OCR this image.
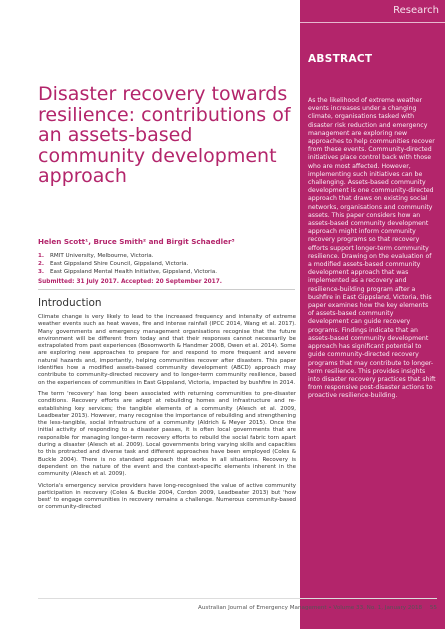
Research
ABSTRACT
As the likelihood of extreme weather events increases under a changing climate, organisations tasked with disaster risk reduction and emergency management are exploring new approaches to help communities recover from these events. Community-directed initiatives place control back with those who are most affected. However, implementing such initiatives can be challenging. Assets-based community development is one community-directed approach that draws on existing social networks, organisations and community assets. This paper considers how an assets-based community development approach might inform community recovery programs so that recovery efforts support longer-term community resilience. Drawing on the evaluation of a modified assets-based community development approach that was implemented as a recovery and resilience-building program after a bushfire in East Gippsland, Victoria, this paper examines how the key elements of assets-based community development can guide recovery programs. Findings indicate that an assets-based community development approach has significant potential to guide community-directed recovery programs that may contribute to longer-term resilience. This provides insights into disaster recovery practices that shift from responsive post-disaster actions to proactive resilience-building.
Disaster recovery towards resilience: contributions of an assets-based community development approach
Helen Scott¹, Bruce Smith² and Birgit Schaedler³
1.	RMIT University, Melbourne, Victoria.
2.	East Gippsland Shire Council, Gippsland, Victoria.
3.	East Gippsland Mental Health Initiative, Gippsland, Victoria.
Submitted: 31 July 2017. Accepted: 20 September 2017.
Introduction

Climate change is very likely to lead to the increased frequency and intensity of extreme weather events such as heat waves, fire and intense rainfall (IPCC 2014, Wang et al. 2017). Many governments and emergency management organisations recognise that the future environment will be different from today and that their responses cannot necessarily be extrapolated from past experiences (Bosomworth & Handmer 2008, Owen et al. 2014). Some are exploring new approaches to prepare for and respond to more frequent and severe natural hazards and, importantly, helping communities recover after disasters. This paper identifies how a modified assets-based community development (ABCD) approach may contribute to community-directed recovery and to longer-term community resilience, based on the experiences of communities in East Gippsland, Victoria, impacted by bushfire in 2014.

The term 'recovery' has long been associated with returning communities to pre-disaster conditions. Recovery efforts are adept at rebuilding homes and infrastructure and re-establishing key services; the tangible elements of a community (Alesch et al. 2009, Leadbeater 2013). However, many recognise the importance of rebuilding and strengthening the less-tangible, social infrastructure of a community (Aldrich & Meyer 2015). Once the initial activity of responding to a disaster passes, it is often local governments that are responsible for managing longer-term recovery efforts to rebuild the social fabric torn apart during a disaster (Alesch et al. 2009). Local governments bring varying skills and capacities to this protracted and diverse task and different approaches have been employed (Coles & Buckle 2004). There is no standard approach that works in all situations. Recovery is dependent on the nature of the event and the context-specific elements inherent in the community (Alesch et al. 2009).

Victoria's emergency service providers have long-recognised the value of active community participation in recovery (Coles & Buckle 2004, Cordon 2009, Leadbeater 2013) but 'how best' to engage communities in recovery remains a challenge. Numerous community-based or community-directed

Australian Journal of Emergency Management • Volume 33, No. 1, January 2018 55
